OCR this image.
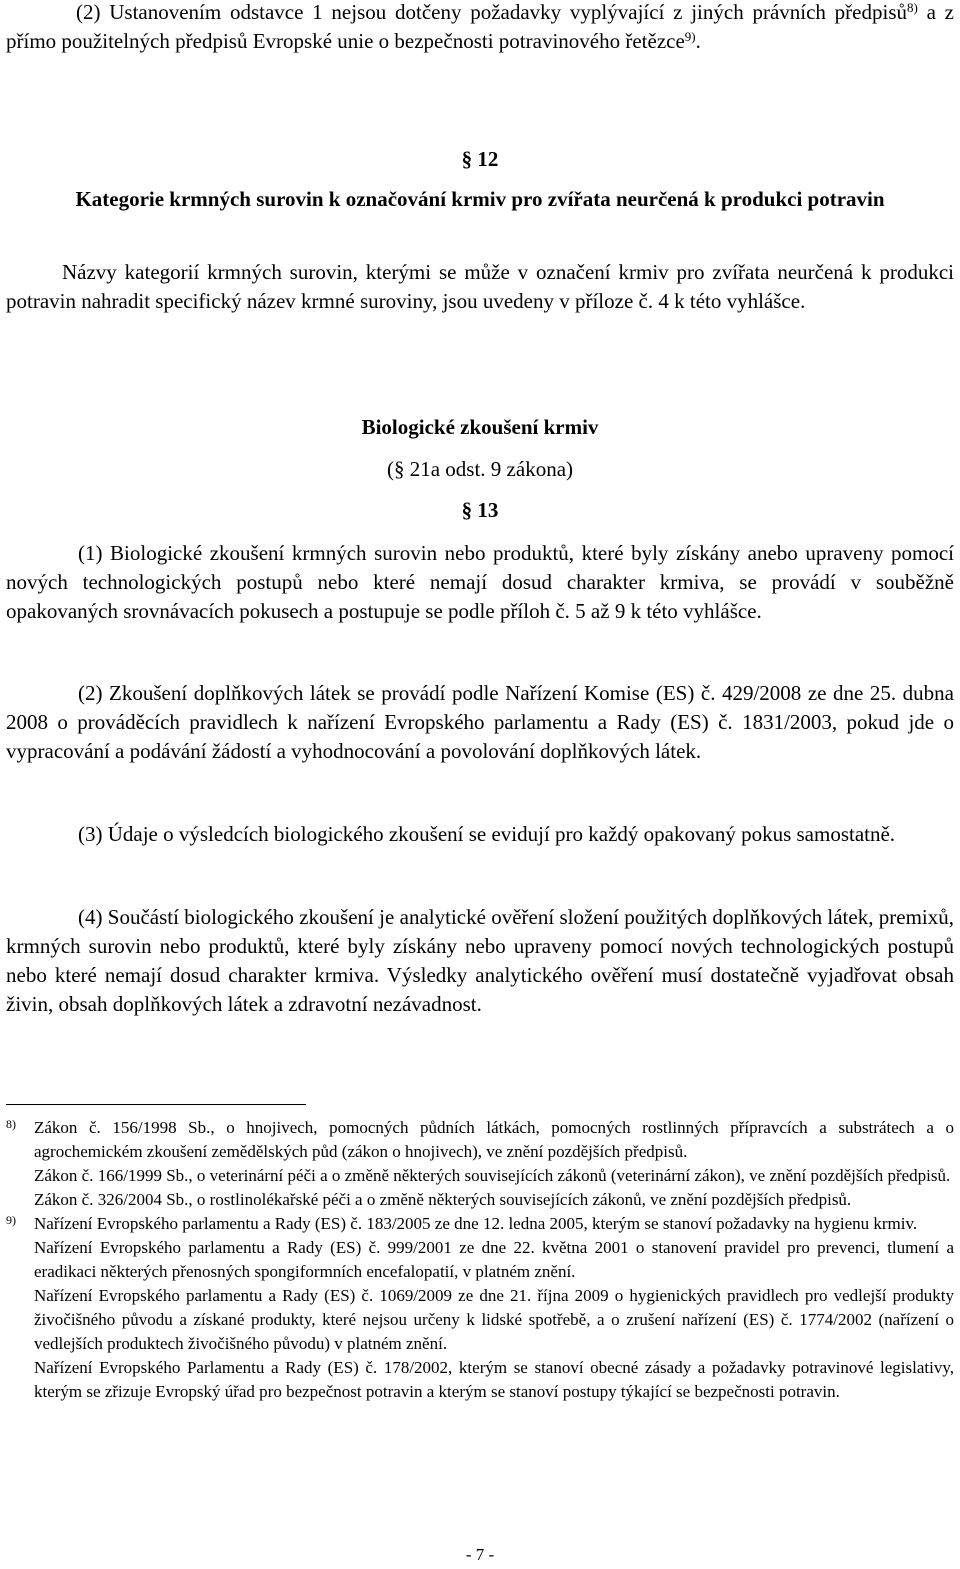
(2) Ustanovením odstavce 1 nejsou dotčeny požadavky vyplývající z jiných právních předpisů$^{8)}$ a z přímo použitelných předpisů Evropské unie o bezpečnosti potravinového řetězce$^{9)}$.

§ 12

Kategorie krmných surovin k označování krmiv pro zvířata neurčená k produkci potravin

Názvy kategorií krmných surovin, kterými se může v označení krmiv pro zvířata neurčená k produkci potravin nahradit specifický název krmné suroviny, jsou uvedeny v příloze č. 4 k této vyhlášce.

Biologické zkoušení krmiv

(§ 21a odst. 9 zákona)

§ 13

(1) Biologické zkoušení krmných surovin nebo produktů, které byly získány anebo upraveny pomocí nových technologických postupů nebo které nemají dosud charakter krmiva, se provádí v souběžně opakovaných srovnávacích pokusech a postupuje se podle příloh č. 5 až 9 k této vyhlášce.

(2) Zkoušení doplňkových látek se provádí podle Nařízení Komise (ES) č. 429/2008 ze dne 25. dubna 2008 o prováděcích pravidlech k nařízení Evropského parlamentu a Rady (ES) č. 1831/2003, pokud jde o vypracování a podávání žádostí a vyhodnocování a povolování doplňkových látek.

(3) Údaje o výsledcích biologického zkoušení se evidují pro každý opakovaný pokus samostatně.

(4) Součástí biologického zkoušení je analytické ověření složení použitých doplňkových látek, premixů, krmných surovin nebo produktů, které byly získány nebo upraveny pomocí nových technologických postupů nebo které nemají dosud charakter krmiva. Výsledky analytického ověření musí dostatečně vyjadřovat obsah živin, obsah doplňkových látek a zdravotní nezávadnost.

8) Zákon č. 156/1998 Sb., o hnojivech, pomocných půdních látkách, pomocných rostlinných přípravcích a substrátech a o agrochemickém zkoušení zemědělských půd (zákon o hnojivech), ve znění pozdějších předpisů.
Zákon č. 166/1999 Sb., o veterinární péči a o změně některých souvisejících zákonů (veterinární zákon), ve znění pozdějších předpisů.
Zákon č. 326/2004 Sb., o rostlinolékařské péči a o změně některých souvisejících zákonů, ve znění pozdějších předpisů.
9) Nařízení Evropského parlamentu a Rady (ES) č. 183/2005 ze dne 12. ledna 2005, kterým se stanoví požadavky na hygienu krmiv.
Nařízení Evropského parlamentu a Rady (ES) č. 999/2001 ze dne 22. května 2001 o stanovení pravidel pro prevenci, tlumení a eradikaci některých přenosných spongiformních encefalopatií, v platném znění.
Nařízení Evropského parlamentu a Rady (ES) č. 1069/2009 ze dne 21. října 2009 o hygienických pravidlech pro vedlejší produkty živočišného původu a získané produkty, které nejsou určeny k lidské spotřebě, a o zrušení nařízení (ES) č. 1774/2002 (nařízení o vedlejších produktech živočišného původu) v platném znění.
Nařízení Evropského Parlamentu a Rady (ES) č. 178/2002, kterým se stanoví obecné zásady a požadavky potravinové legislativy, kterým se zřizuje Evropský úřad pro bezpečnost potravin a kterým se stanoví postupy týkající se bezpečnosti potravin.
- 7 -
